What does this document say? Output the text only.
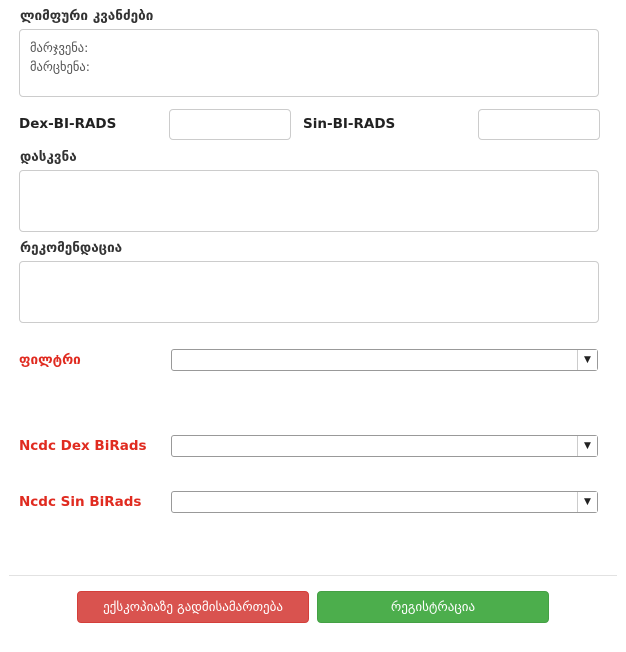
ლიმფური კვანძები
მარჯვენა: მარცხენა:
Dex-BI-RADS	Sin-BI-RADS
დასკვნა
რეკომენდაცია
ფილტრი	▼
Ncdc Dex BiRads	▼
Ncdc Sin BiRads	▼
ექსკოპიაზე გადმისამართება	რეგისტრაცია
